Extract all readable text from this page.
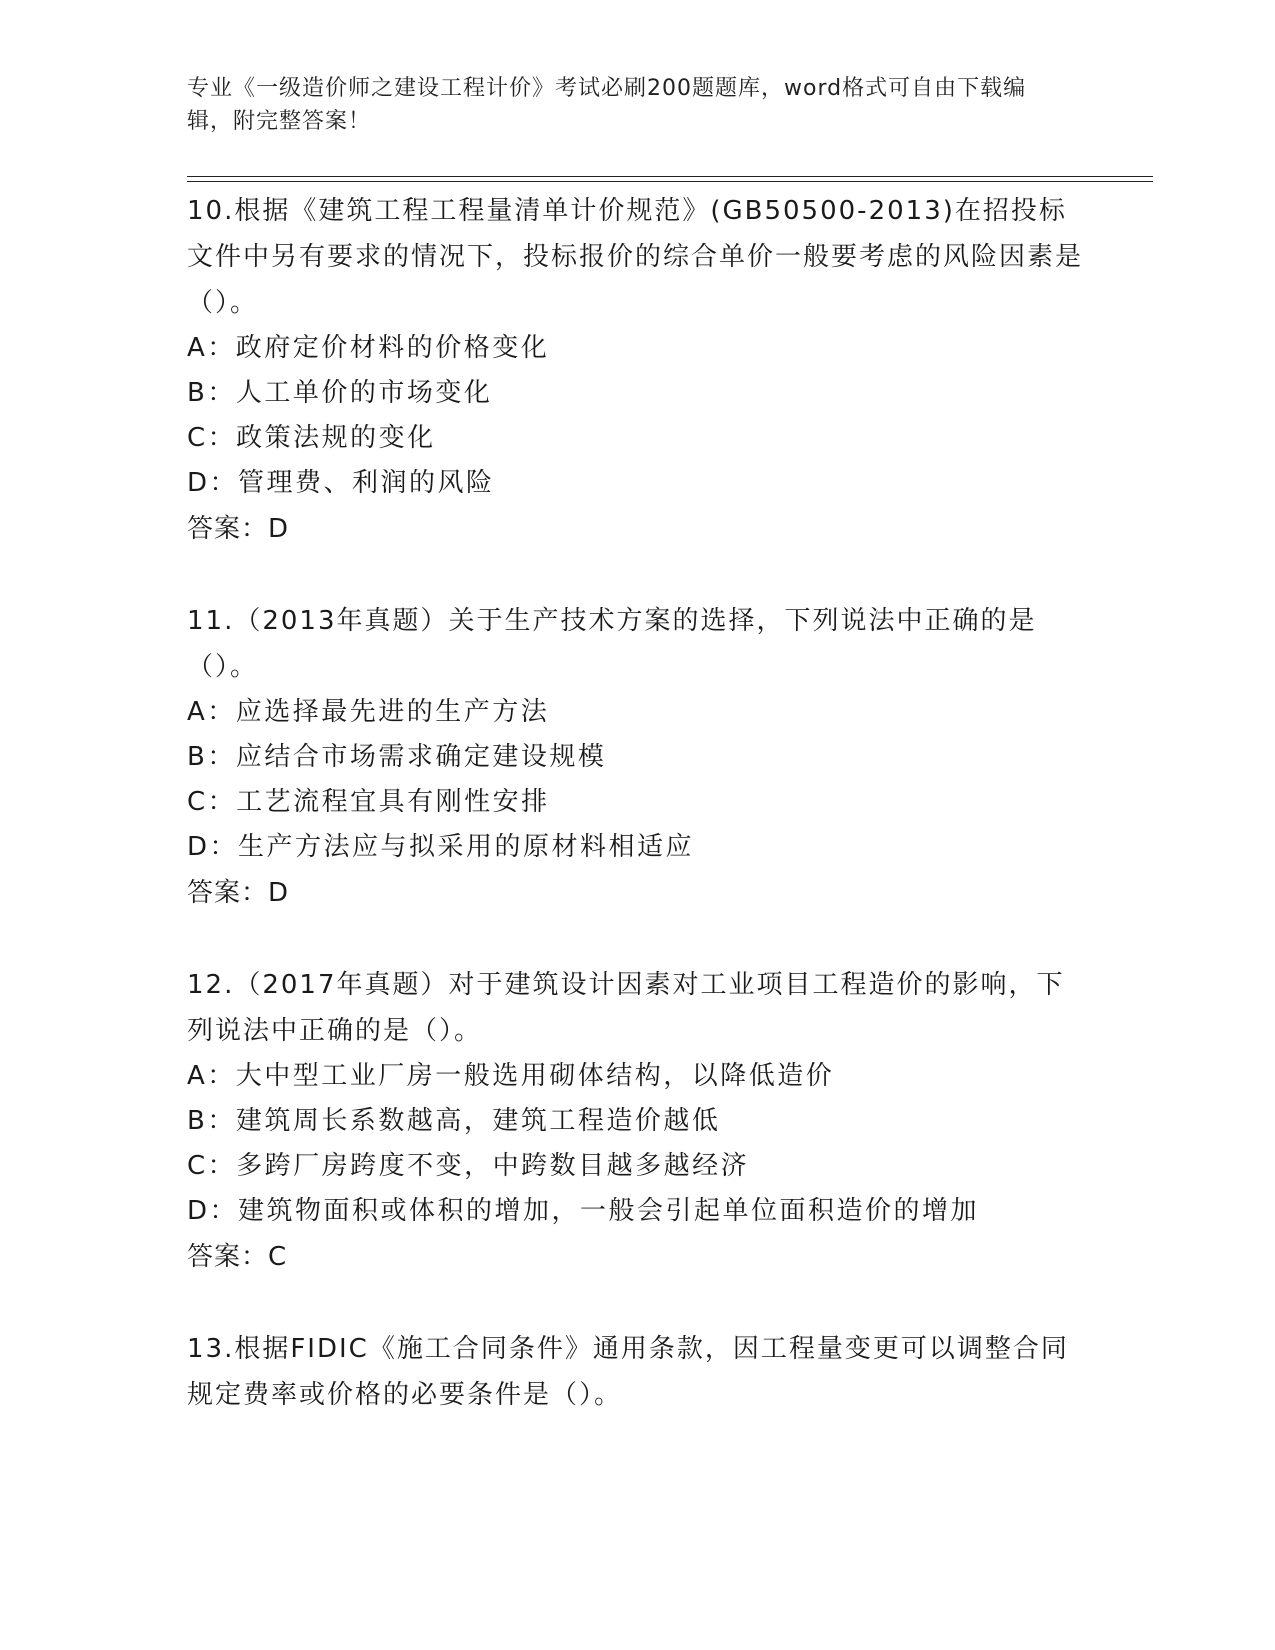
专业《一级造价师之建设工程计价》考试必刷200题题库，word格式可自由下载编辑，附完整答案！

10.根据《建筑工程工程量清单计价规范》(GB50500-2013)在招投标文件中另有要求的情况下，投标报价的综合单价一般要考虑的风险因素是（）。

A：政府定价材料的价格变化

B：人工单价的市场变化

C：政策法规的变化

D：管理费、利润的风险

答案：D

11.（2013年真题）关于生产技术方案的选择，下列说法中正确的是（）。

A：应选择最先进的生产方法

B：应结合市场需求确定建设规模

C：工艺流程宜具有刚性安排

D：生产方法应与拟采用的原材料相适应

答案：D

12.（2017年真题）对于建筑设计因素对工业项目工程造价的影响，下列说法中正确的是（）。

A：大中型工业厂房一般选用砌体结构，以降低造价

B：建筑周长系数越高，建筑工程造价越低

C：多跨厂房跨度不变，中跨数目越多越经济

D：建筑物面积或体积的增加，一般会引起单位面积造价的增加

答案：C

13.根据FIDIC《施工合同条件》通用条款，因工程量变更可以调整合同规定费率或价格的必要条件是（）。
